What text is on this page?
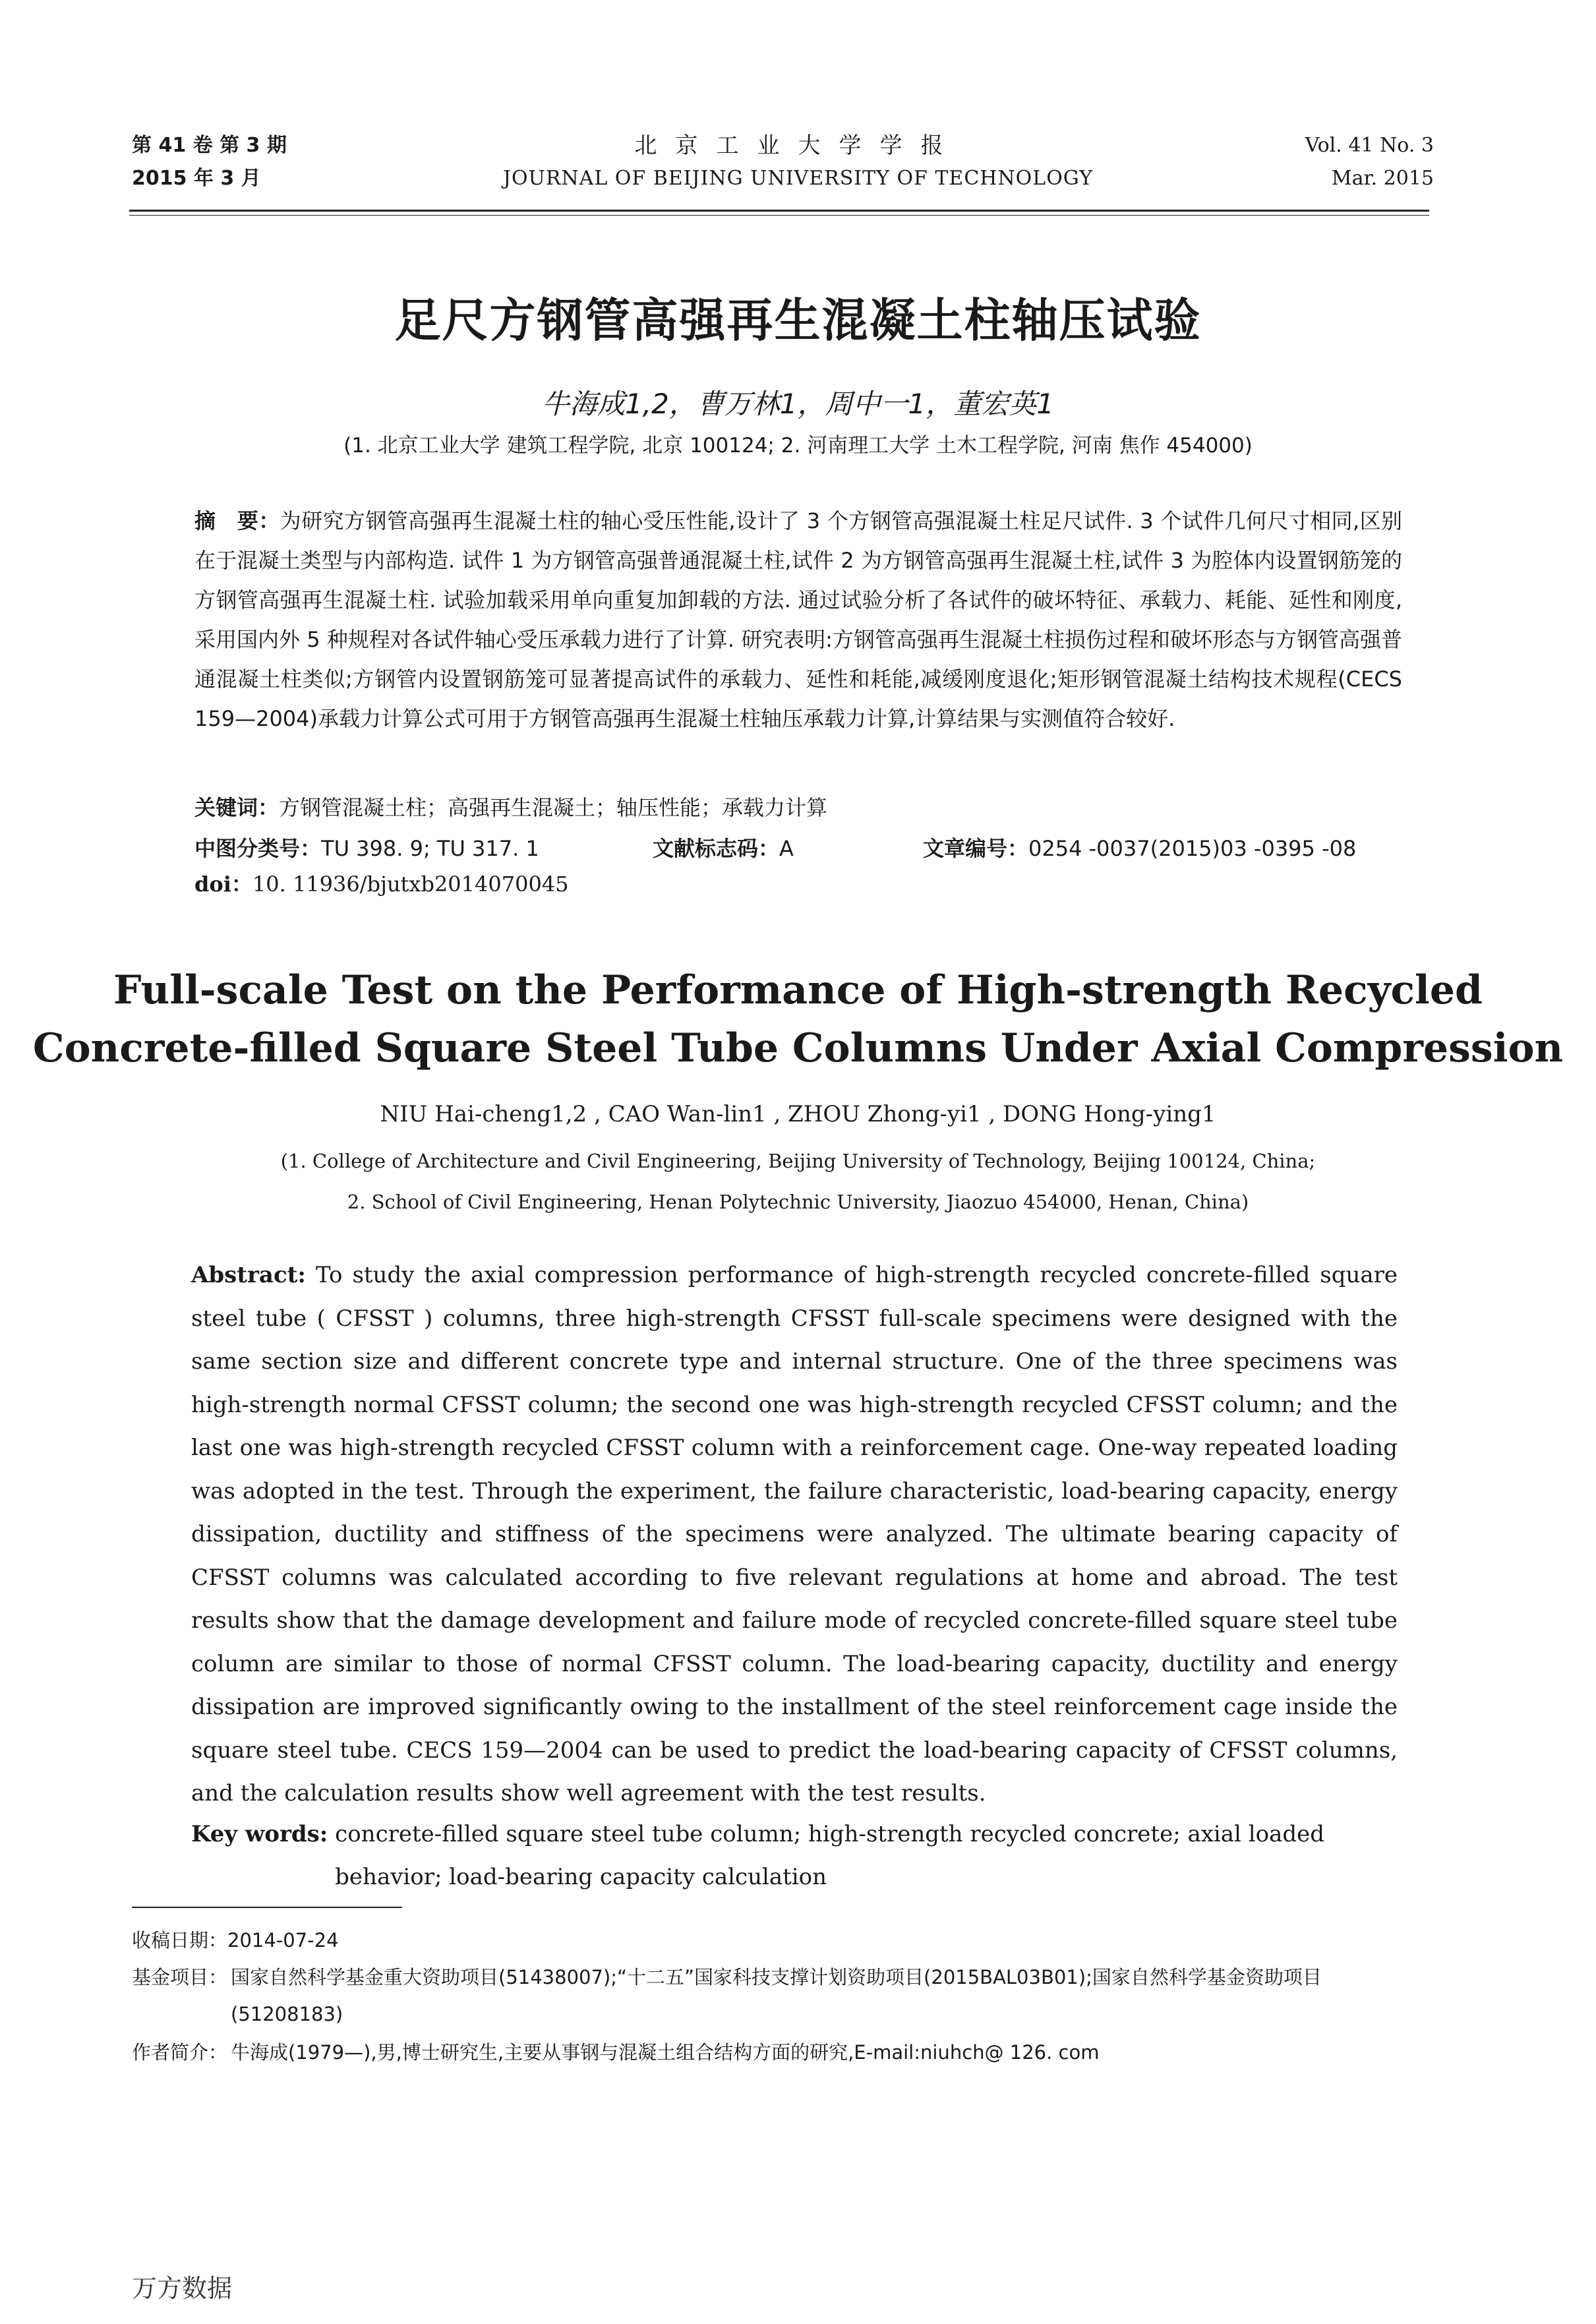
第 41 卷 第 3 期
2015 年 3 月
北京工业大学学报
JOURNAL OF BEIJING UNIVERSITY OF TECHNOLOGY
Vol. 41 No. 3
Mar. 2015
足尺方钢管高强再生混凝土柱轴压试验
牛海成1,2，曹万林1，周中一1，董宏英1
(1. 北京工业大学 建筑工程学院, 北京 100124; 2. 河南理工大学 土木工程学院, 河南 焦作 454000)
摘　要：为研究方钢管高强再生混凝土柱的轴心受压性能,设计了 3 个方钢管高强混凝土柱足尺试件. 3 个试件几何尺寸相同,区别在于混凝土类型与内部构造. 试件 1 为方钢管高强普通混凝土柱,试件 2 为方钢管高强再生混凝土柱,试件 3 为腔体内设置钢筋笼的方钢管高强再生混凝土柱. 试验加载采用单向重复加卸载的方法. 通过试验分析了各试件的破坏特征、承载力、耗能、延性和刚度,采用国内外 5 种规程对各试件轴心受压承载力进行了计算. 研究表明:方钢管高强再生混凝土柱损伤过程和破坏形态与方钢管高强普通混凝土柱类似;方钢管内设置钢筋笼可显著提高试件的承载力、延性和耗能,减缓刚度退化;矩形钢管混凝土结构技术规程(CECS 159—2004)承载力计算公式可用于方钢管高强再生混凝土柱轴压承载力计算,计算结果与实测值符合较好.
关键词：方钢管混凝土柱；高强再生混凝土；轴压性能；承载力计算
中图分类号：TU 398. 9; TU 317. 1	文献标志码：A	文章编号：0254 -0037(2015)03 -0395 -08
doi：10. 11936/bjutxb2014070045
Full-scale Test on the Performance of High-strength Recycled
Concrete-filled Square Steel Tube Columns Under Axial Compression
NIU Hai-cheng1,2 , CAO Wan-lin1 , ZHOU Zhong-yi1 , DONG Hong-ying1
(1. College of Architecture and Civil Engineering, Beijing University of Technology, Beijing 100124, China;
2. School of Civil Engineering, Henan Polytechnic University, Jiaozuo 454000, Henan, China)
Abstract: To study the axial compression performance of high-strength recycled concrete-filled square steel tube ( CFSST ) columns, three high-strength CFSST full-scale specimens were designed with the same section size and different concrete type and internal structure. One of the three specimens was high-strength normal CFSST column; the second one was high-strength recycled CFSST column; and the last one was high-strength recycled CFSST column with a reinforcement cage. One-way repeated loading was adopted in the test. Through the experiment, the failure characteristic, load-bearing capacity, energy dissipation, ductility and stiffness of the specimens were analyzed. The ultimate bearing capacity of CFSST columns was calculated according to five relevant regulations at home and abroad. The test results show that the damage development and failure mode of recycled concrete-filled square steel tube column are similar to those of normal CFSST column. The load-bearing capacity, ductility and energy dissipation are improved significantly owing to the installment of the steel reinforcement cage inside the square steel tube. CECS 159—2004 can be used to predict the load-bearing capacity of CFSST columns, and the calculation results show well agreement with the test results.
Key words: concrete-filled square steel tube column; high-strength recycled concrete; axial loaded behavior; load-bearing capacity calculation
收稿日期：2014-07-24
基金项目： 国家自然科学基金重大资助项目(51438007);“十二五”国家科技支撑计划资助项目(2015BAL03B01);国家自然科学基金资助项目(51208183)
作者简介： 牛海成(1979—),男,博士研究生,主要从事钢与混凝土组合结构方面的研究,E-mail:niuhch@ 126. com
万方数据
